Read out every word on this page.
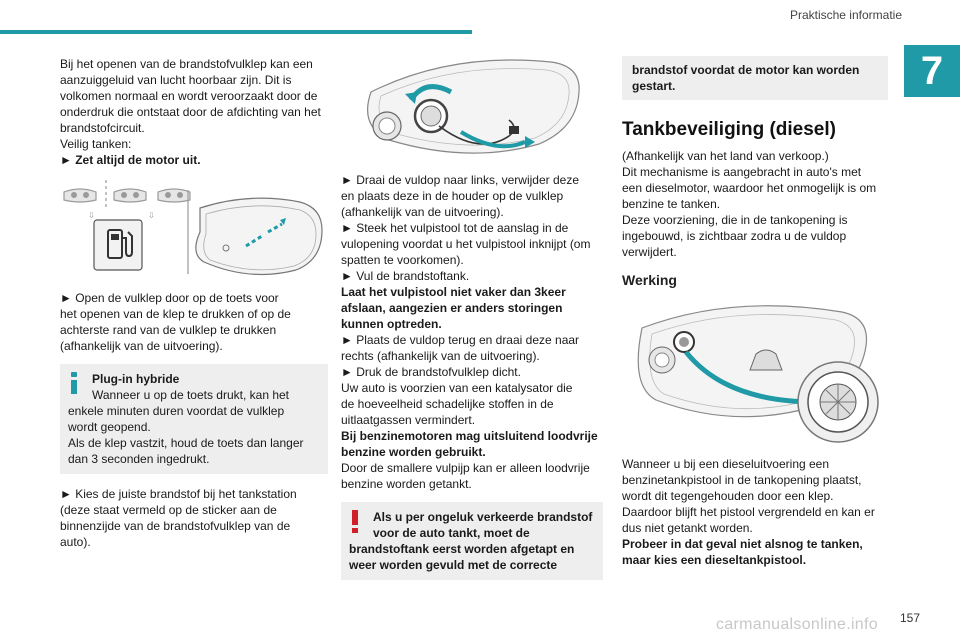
Praktische informatie
7
Bij het openen van de brandstofvulklep kan een
aanzuiggeluid van lucht hoorbaar zijn. Dit is
volkomen normaal en wordt veroorzaakt door de
onderdruk die ontstaat door de afdichting van het
brandstofcircuit.
Veilig tanken:
► Zet altijd de motor uit.
⇩	⇩
► Open de vulklep door op de toets voor
het openen van de klep te drukken of op de
achterste rand van de vulklep te drukken
(afhankelijk van de uitvoering).
Plug-in hybride
Wanneer u op de toets drukt, kan het
enkele minuten duren voordat de vulklep
wordt geopend.
Als de klep vastzit, houd de toets dan langer
dan 3 seconden ingedrukt.
► Kies de juiste brandstof bij het tankstation
(deze staat vermeld op de sticker aan de
binnenzijde van de brandstofvulklep van de
auto).
► Draai de vuldop naar links, verwijder deze
en plaats deze in de houder op de vulklep
(afhankelijk van de uitvoering).
► Steek het vulpistool tot de aanslag in de
vulopening voordat u het vulpistool inknijpt (om
spatten te voorkomen).
► Vul de brandstoftank.
Laat het vulpistool niet vaker dan 3keer
afslaan, aangezien er anders storingen
kunnen optreden.
► Plaats de vuldop terug en draai deze naar
rechts (afhankelijk van de uitvoering).
► Druk de brandstofvulklep dicht.
Uw auto is voorzien van een katalysator die
de hoeveelheid schadelijke stoffen in de
uitlaatgassen vermindert.
Bij benzinemotoren mag uitsluitend loodvrije
benzine worden gebruikt.
Door de smallere vulpijp kan er alleen loodvrije
benzine worden getankt.
Als u per ongeluk verkeerde brandstof
voor de auto tankt, moet de
brandstoftank eerst worden afgetapt en
weer worden gevuld met de correcte
brandstof voordat de motor kan worden
gestart.
Tankbeveiliging (diesel)
(Afhankelijk van het land van verkoop.)
Dit mechanisme is aangebracht in auto's met
een dieselmotor, waardoor het onmogelijk is om
benzine te tanken.
Deze voorziening, die in de tankopening is
ingebouwd, is zichtbaar zodra u de vuldop
verwijdert.
Werking
Wanneer u bij een dieseluitvoering een
benzinetankpistool in de tankopening plaatst,
wordt dit tegengehouden door een klep.
Daardoor blijft het pistool vergrendeld en kan er
dus niet getankt worden.
Probeer in dat geval niet alsnog te tanken,
maar kies een dieseltankpistool.
157
carmanualsonline.info
